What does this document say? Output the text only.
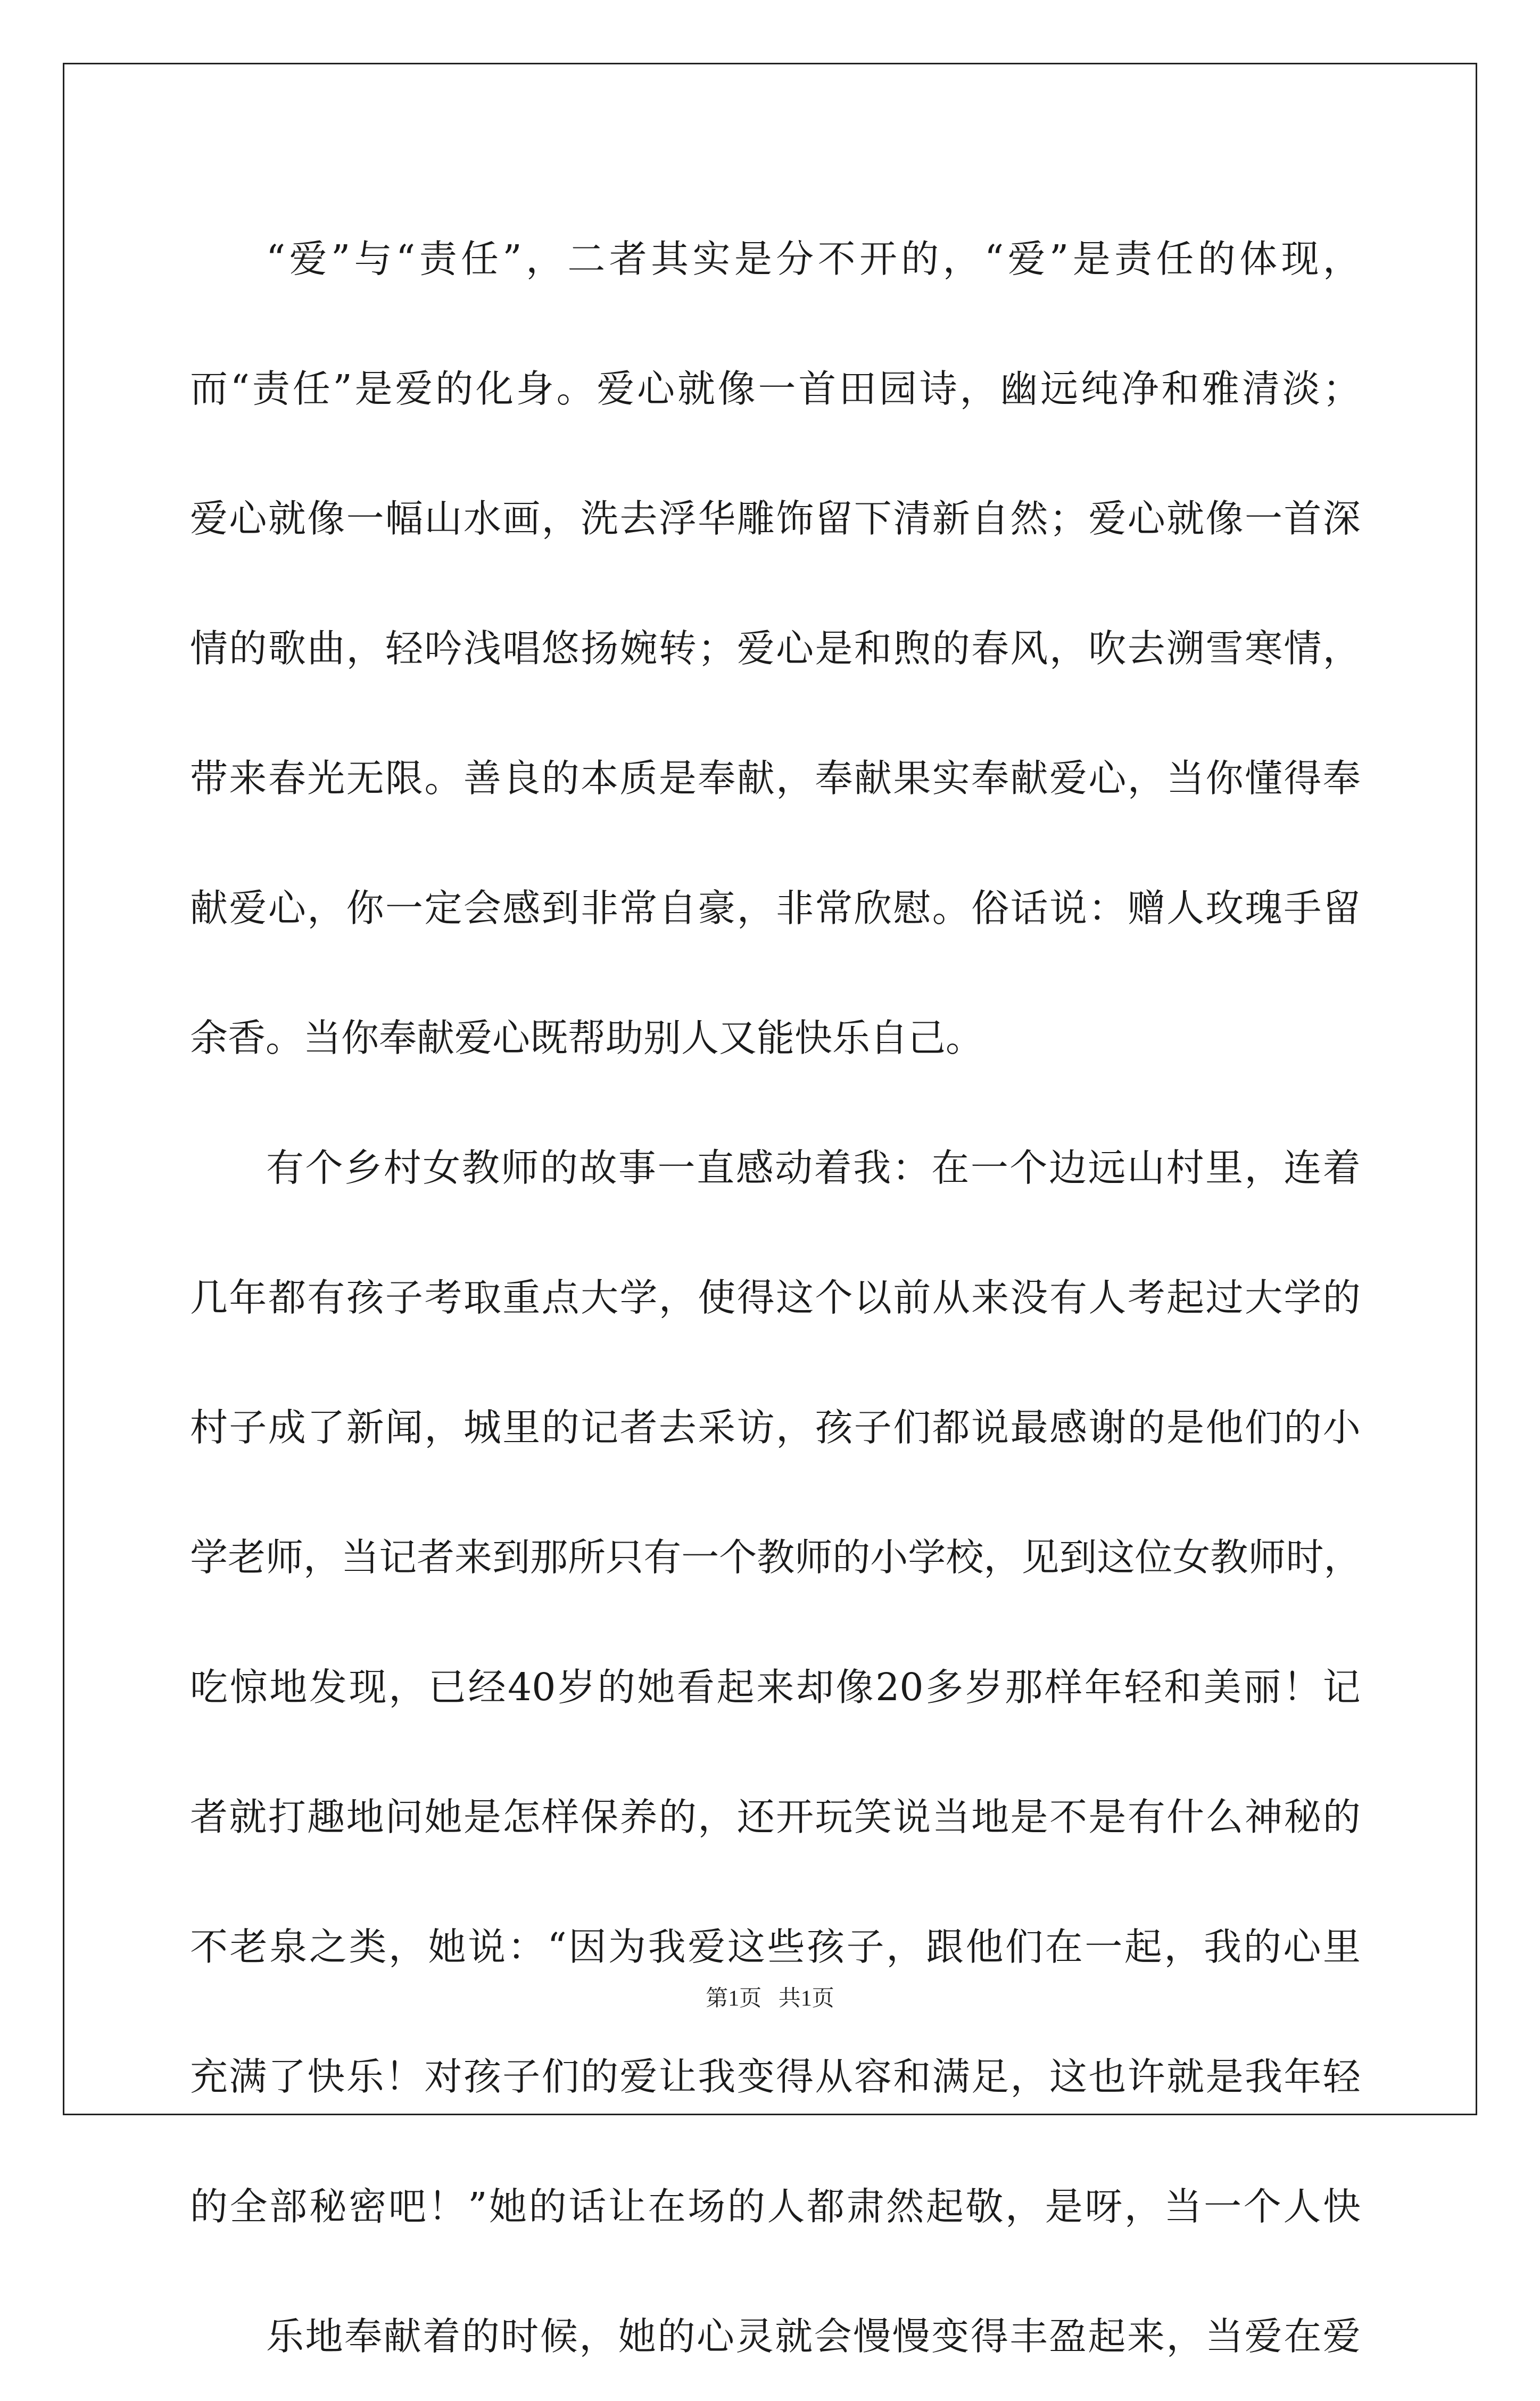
“ 爱 ” 与 “ 责 任 ” ， 二 者 其 实 是 分 不 开 的 ， “ 爱 ” 是 责 任 的 体 现 ，
而 “ 责 任 ” 是 爱 的 化 身 。 爱 心 就 像 一 首 田 园 诗 ， 幽 远 纯 净 和 雅 清 淡 ；
爱 心 就 像 一 幅 山 水 画 ， 洗 去 浮 华 雕 饰 留 下 清 新 自 然 ； 爱 心 就 像 一 首 深
情 的 歌 曲 ， 轻 吟 浅 唱 悠 扬 婉 转 ； 爱 心 是 和 煦 的 春 风 ， 吹 去 溯 雪 寒 情 ，
带 来 春 光 无 限 。 善 良 的 本 质 是 奉 献 ， 奉 献 果 实 奉 献 爱 心 ， 当 你 懂 得 奉
献 爱 心 ， 你 一 定 会 感 到 非 常 自 豪 ， 非 常 欣 慰 。 俗 话 说 ： 赠 人 玫 瑰 手 留
余香。当你奉献爱心既帮助别人又能快乐自己。
有 个 乡 村 女 教 师 的 故 事 一 直 感 动 着 我 ： 在 一 个 边 远 山 村 里 ， 连 着
几 年 都 有 孩 子 考 取 重 点 大 学 ， 使 得 这 个 以 前 从 来 没 有 人 考 起 过 大 学 的
村 子 成 了 新 闻 ， 城 里 的 记 者 去 采 访 ， 孩 子 们 都 说 最 感 谢 的 是 他 们 的 小
学 老 师 ， 当 记 者 来 到 那 所 只 有 一 个 教 师 的 小 学 校 ， 见 到 这 位 女 教 师 时 ，
吃 惊 地 发 现 ， 已 经 40 岁 的 她 看 起 来 却 像 20 多 岁 那 样 年 轻 和 美 丽 ！ 记
者 就 打 趣 地 问 她 是 怎 样 保 养 的 ， 还 开 玩 笑 说 当 地 是 不 是 有 什 么 神 秘 的
不 老 泉 之 类 ， 她 说 ： “ 因 为 我 爱 这 些 孩 子 ， 跟 他 们 在 一 起 ， 我 的 心 里
充 满 了 快 乐 ！ 对 孩 子 们 的 爱 让 我 变 得 从 容 和 满 足 ， 这 也 许 就 是 我 年 轻
的 全 部 秘 密 吧 ！ ” 她 的 话 让 在 场 的 人 都 肃 然 起 敬 ， 是 呀 ， 当 一 个 人 快
乐 地 奉 献 着 的 时 候 ， 她 的 心 灵 就 会 慢 慢 变 得 丰 盈 起 来 ， 当 爱 在 爱
第1页   共1页
